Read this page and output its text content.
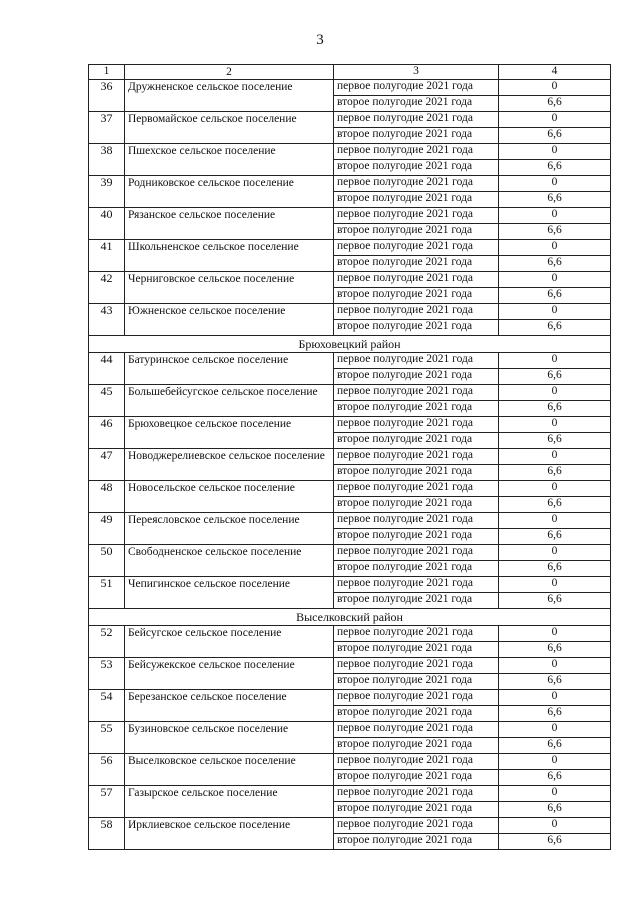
3
1	2	3	4
36	Дружненское сельское поселение	первое полугодие 2021 года	0
		второе полугодие 2021 года	6,6
37	Первомайское сельское поселение	первое полугодие 2021 года	0
		второе полугодие 2021 года	6,6
38	Пшехское сельское поселение	первое полугодие 2021 года	0
		второе полугодие 2021 года	6,6
39	Родниковское сельское поселение	первое полугодие 2021 года	0
		второе полугодие 2021 года	6,6
40	Рязанское сельское поселение	первое полугодие 2021 года	0
		второе полугодие 2021 года	6,6
41	Школьненское сельское поселение	первое полугодие 2021 года	0
		второе полугодие 2021 года	6,6
42	Черниговское сельское поселение	первое полугодие 2021 года	0
		второе полугодие 2021 года	6,6
43	Южненское сельское поселение	первое полугодие 2021 года	0
		второе полугодие 2021 года	6,6
Брюховецкий район			
44	Батуринское сельское поселение	первое полугодие 2021 года	0
		второе полугодие 2021 года	6,6
45	Большебейсугское сельское поселение	первое полугодие 2021 года	0
		второе полугодие 2021 года	6,6
46	Брюховецкое сельское поселение	первое полугодие 2021 года	0
		второе полугодие 2021 года	6,6
47	Новоджерелиевское сельское поселение	первое полугодие 2021 года	0
		второе полугодие 2021 года	6,6
48	Новосельское сельское поселение	первое полугодие 2021 года	0
		второе полугодие 2021 года	6,6
49	Переясловское сельское поселение	первое полугодие 2021 года	0
		второе полугодие 2021 года	6,6
50	Свободненское сельское поселение	первое полугодие 2021 года	0
		второе полугодие 2021 года	6,6
51	Чепигинское сельское поселение	первое полугодие 2021 года	0
		второе полугодие 2021 года	6,6
Выселковский район			
52	Бейсугское сельское поселение	первое полугодие 2021 года	0
		второе полугодие 2021 года	6,6
53	Бейсужекское сельское поселение	первое полугодие 2021 года	0
		второе полугодие 2021 года	6,6
54	Березанское сельское поселение	первое полугодие 2021 года	0
		второе полугодие 2021 года	6,6
55	Бузиновское сельское поселение	первое полугодие 2021 года	0
		второе полугодие 2021 года	6,6
56	Выселковское сельское поселение	первое полугодие 2021 года	0
		второе полугодие 2021 года	6,6
57	Газырское сельское поселение	первое полугодие 2021 года	0
		второе полугодие 2021 года	6,6
58	Ирклиевское сельское поселение	первое полугодие 2021 года	0
		второе полугодие 2021 года	6,6
